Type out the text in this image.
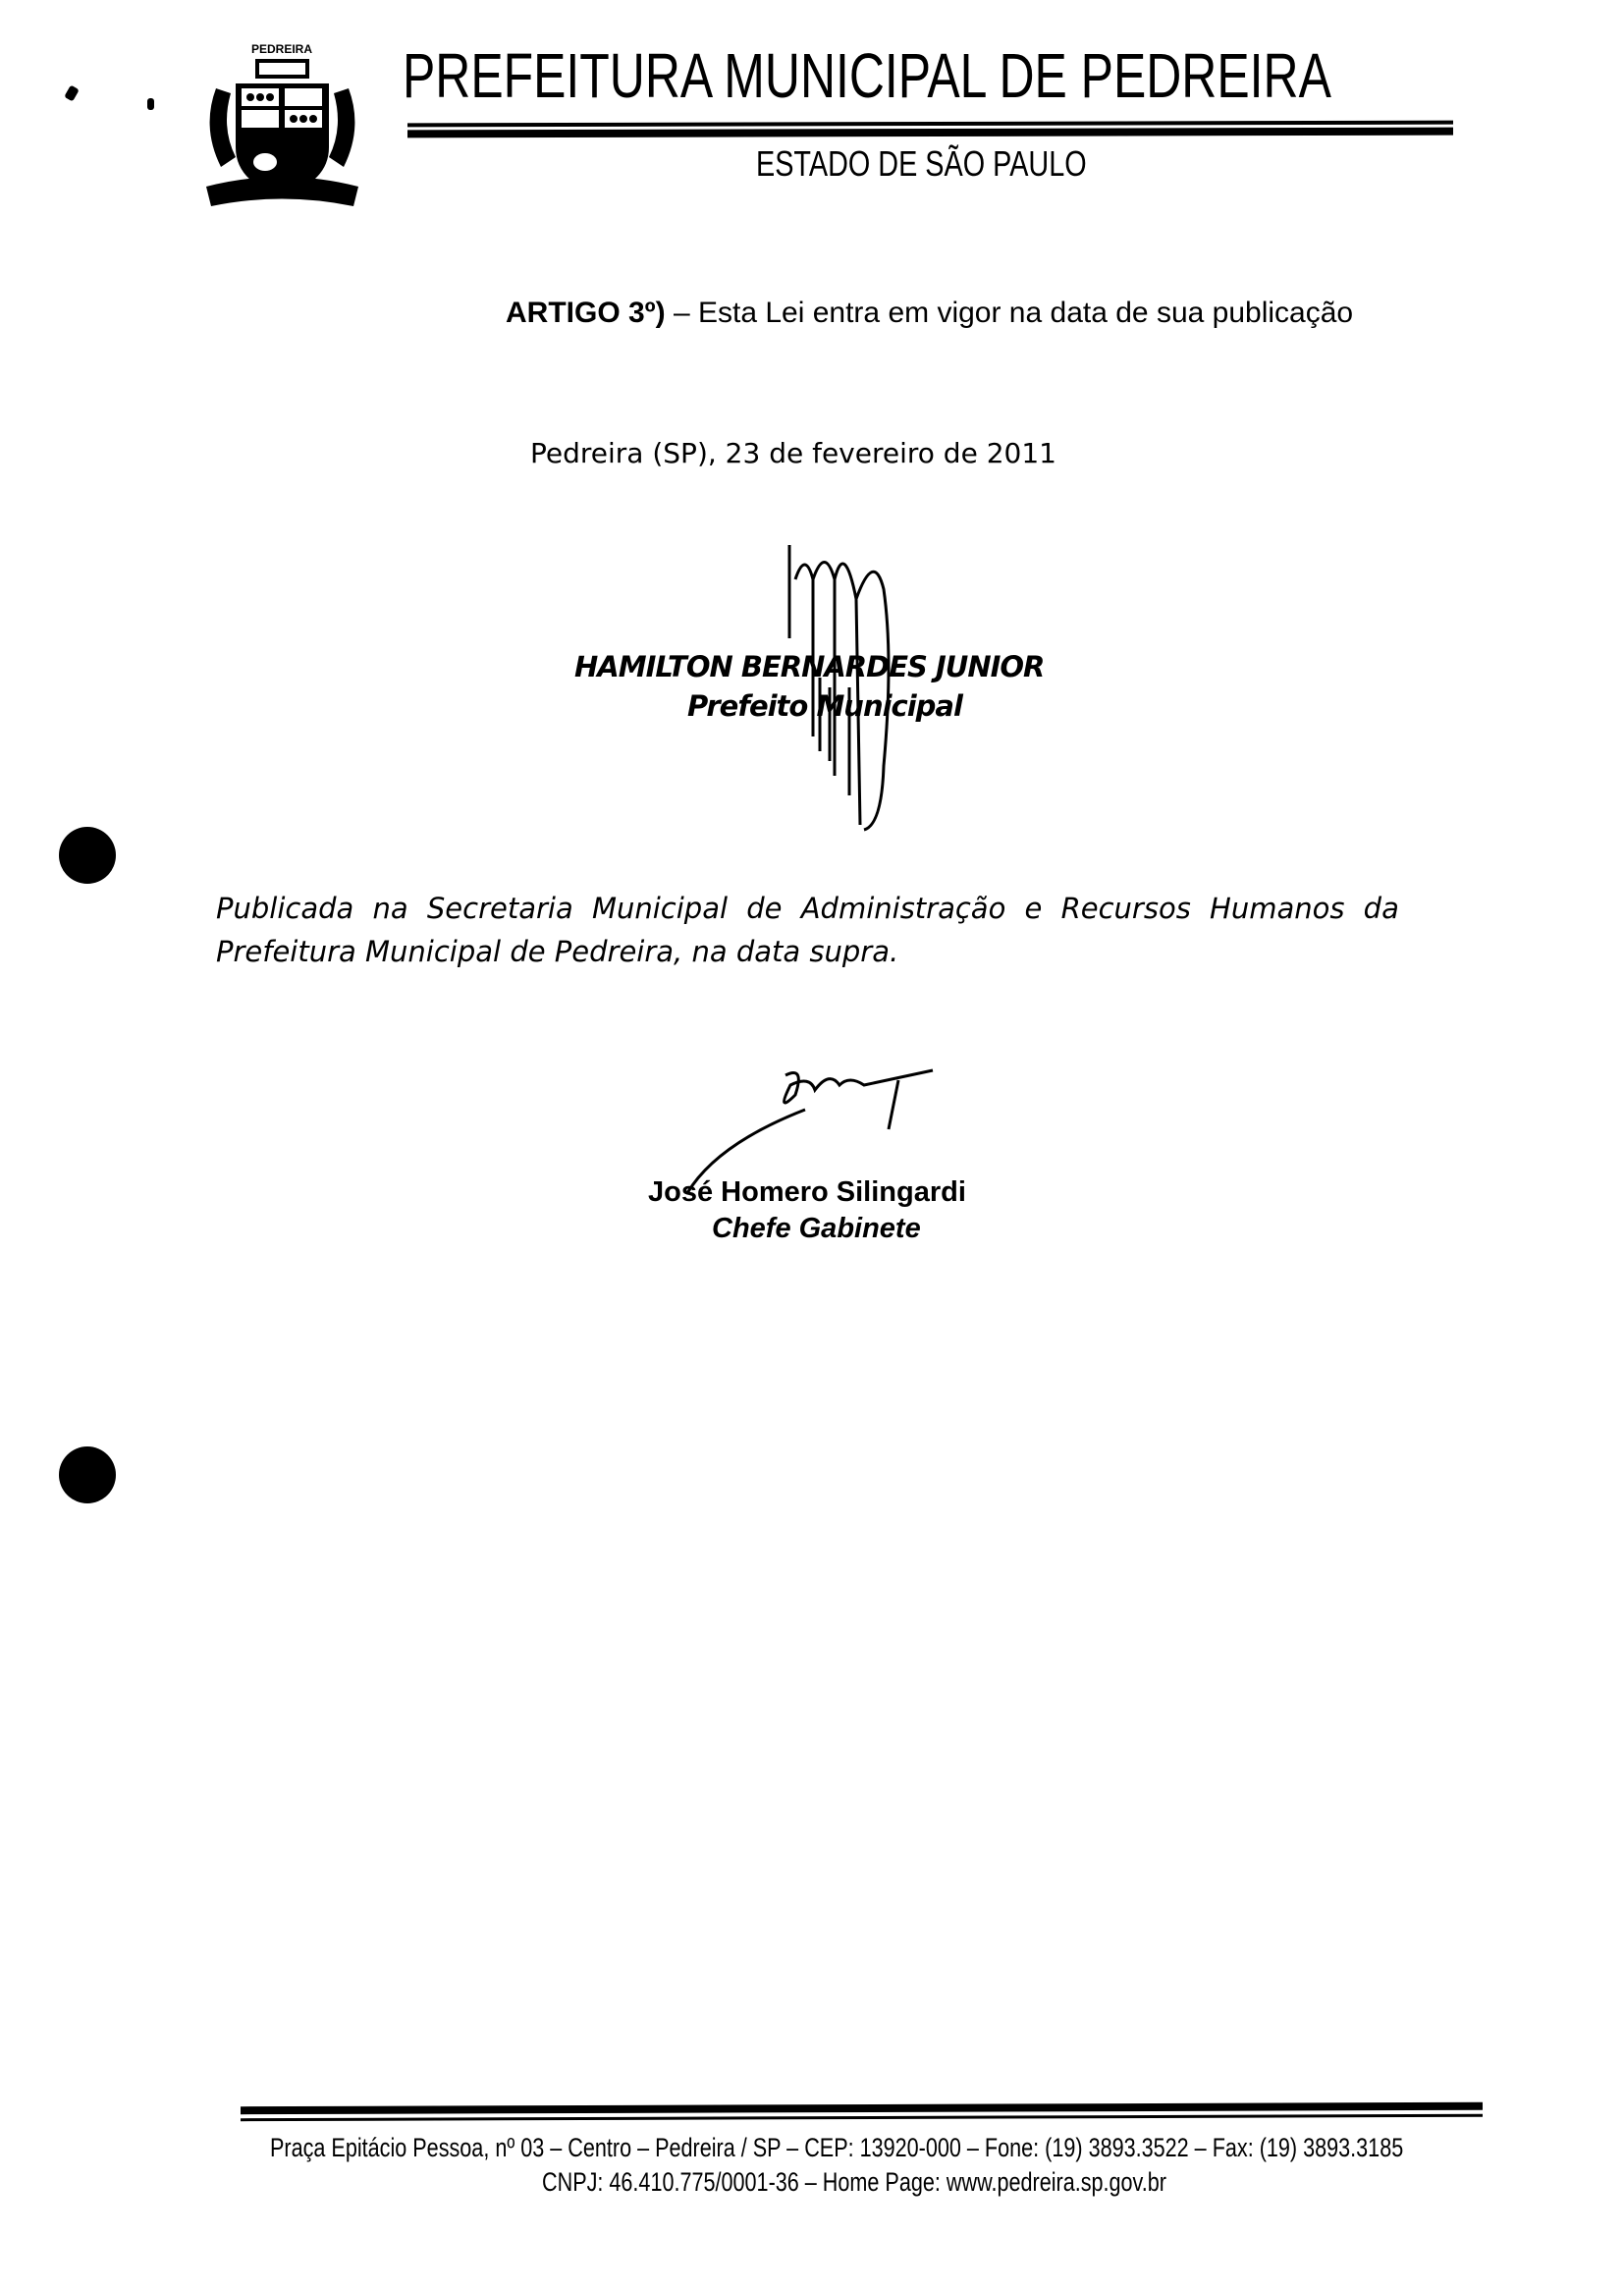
PEDREIRA PREFEITURA MUNICIPAL DE PEDREIRA
ESTADO DE SÃO PAULO
ARTIGO 3º) – Esta Lei entra em vigor na data de sua publicação
Pedreira (SP), 23 de fevereiro de 2011
HAMILTON BERNARDES JUNIOR
Prefeito Municipal
Publicada na Secretaria Municipal de Administração e Recursos Humanos da
Prefeitura Municipal de Pedreira, na data supra.
José Homero Silingardi
Chefe Gabinete
Praça Epitácio Pessoa, nº 03 – Centro – Pedreira / SP – CEP: 13920-000 – Fone: (19) 3893.3522 – Fax: (19) 3893.3185
CNPJ: 46.410.775/0001-36 – Home Page: www.pedreira.sp.gov.br
